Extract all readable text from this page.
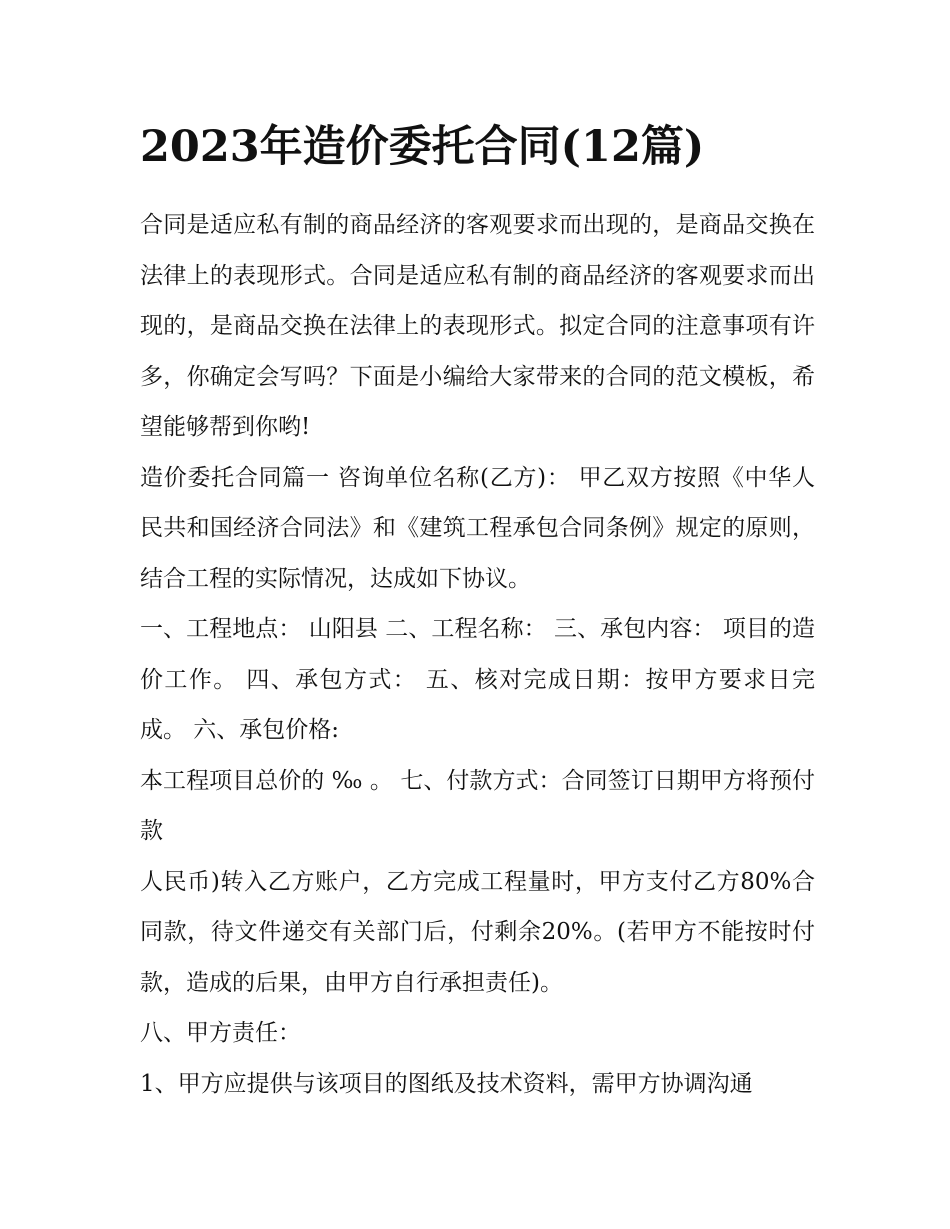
2023年造价委托合同(12篇)

合同是适应私有制的商品经济的客观要求而出现的，是商品交换在法律上的表现形式。合同是适应私有制的商品经济的客观要求而出现的，是商品交换在法律上的表现形式。拟定合同的注意事项有许多，你确定会写吗？下面是小编给大家带来的合同的范文模板，希望能够帮到你哟!

造价委托合同篇一 咨询单位名称(乙方)： 甲乙双方按照《中华人民共和国经济合同法》和《建筑工程承包合同条例》规定的原则，结合工程的实际情况，达成如下协议。

一、工程地点： 山阳县 二、工程名称： 三、承包内容： 项目的造价工作。 四、承包方式： 五、核对完成日期：按甲方要求日完成。 六、承包价格:

本工程项目总价的 ‰ 。 七、付款方式：合同签订日期甲方将预付款

人民币)转入乙方账户，乙方完成工程量时，甲方支付乙方80%合同款，待文件递交有关部门后，付剩余20%。(若甲方不能按时付款，造成的后果，由甲方自行承担责任)。

八、甲方责任：

1、甲方应提供与该项目的图纸及技术资料，需甲方协调沟通
